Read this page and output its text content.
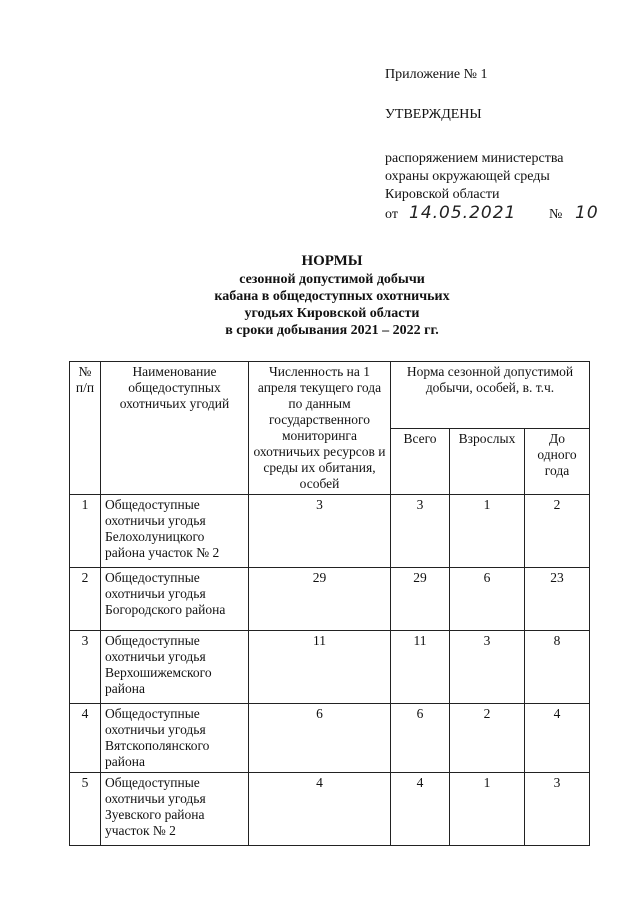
Приложение № 1
УТВЕРЖДЕНЫ
распоряжением министерства
охраны окружающей среды
Кировской области
от 14.05.2021	№ 10
НОРМЫ
сезонной допустимой добычи
кабана в общедоступных охотничьих
угодьях Кировской области
в сроки добывания 2021 – 2022 гг.
№ п/п	Наименование общедоступных охотничьих угодий	Численность на 1 апреля текущего года по данным государственного мониторинга охотничьих ресурсов и среды их обитания, особей	Норма сезонной допустимой добычи, особей, в. т.ч.		
			Всего	Взрослых	До одного года
1	Общедоступные охотничьи угодья Белохолуницкого района участок № 2	3	3	1	2
2	Общедоступные охотничьи угодья Богородского района	29	29	6	23
3	Общедоступные охотничьи угодья Верхошижемского района	11	11	3	8
4	Общедоступные охотничьи угодья Вятскополянского района	6	6	2	4
5	Общедоступные охотничьи угодья Зуевского района участок № 2	4	4	1	3
